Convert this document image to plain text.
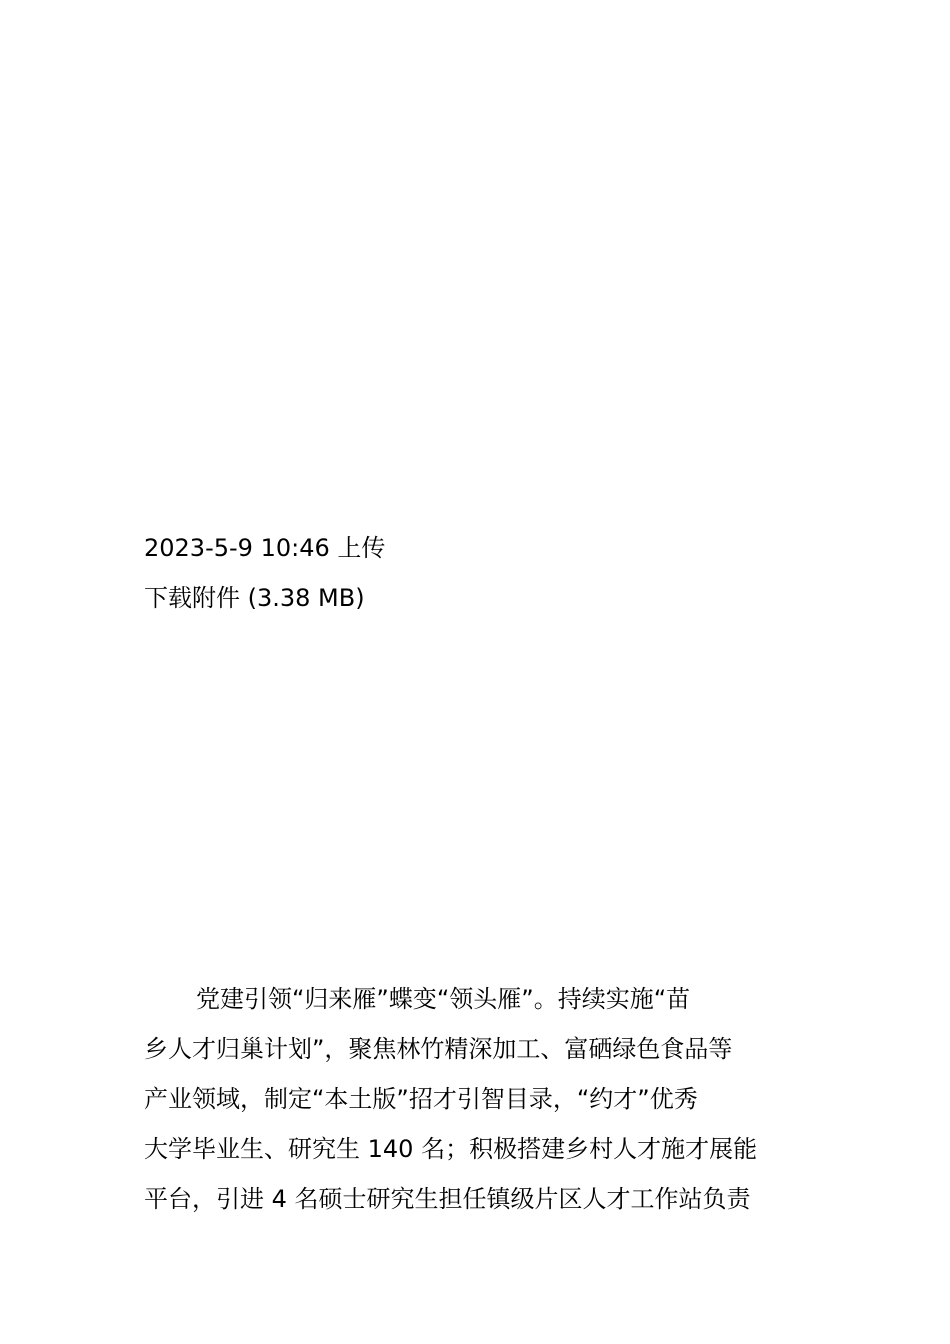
2023-5-9 10:46 上传
下载附件 (3.38 MB)
党建引领“归来雁”蝶变“领头雁”。持续实施“苗
乡人才归巢计划”，聚焦林竹精深加工、富硒绿色食品等
产业领域，制定“本土版”招才引智目录，“约才”优秀
大学毕业生、研究生 140 名；积极搭建乡村人才施才展能
平台，引进 4 名硕士研究生担任镇级片区人才工作站负责
